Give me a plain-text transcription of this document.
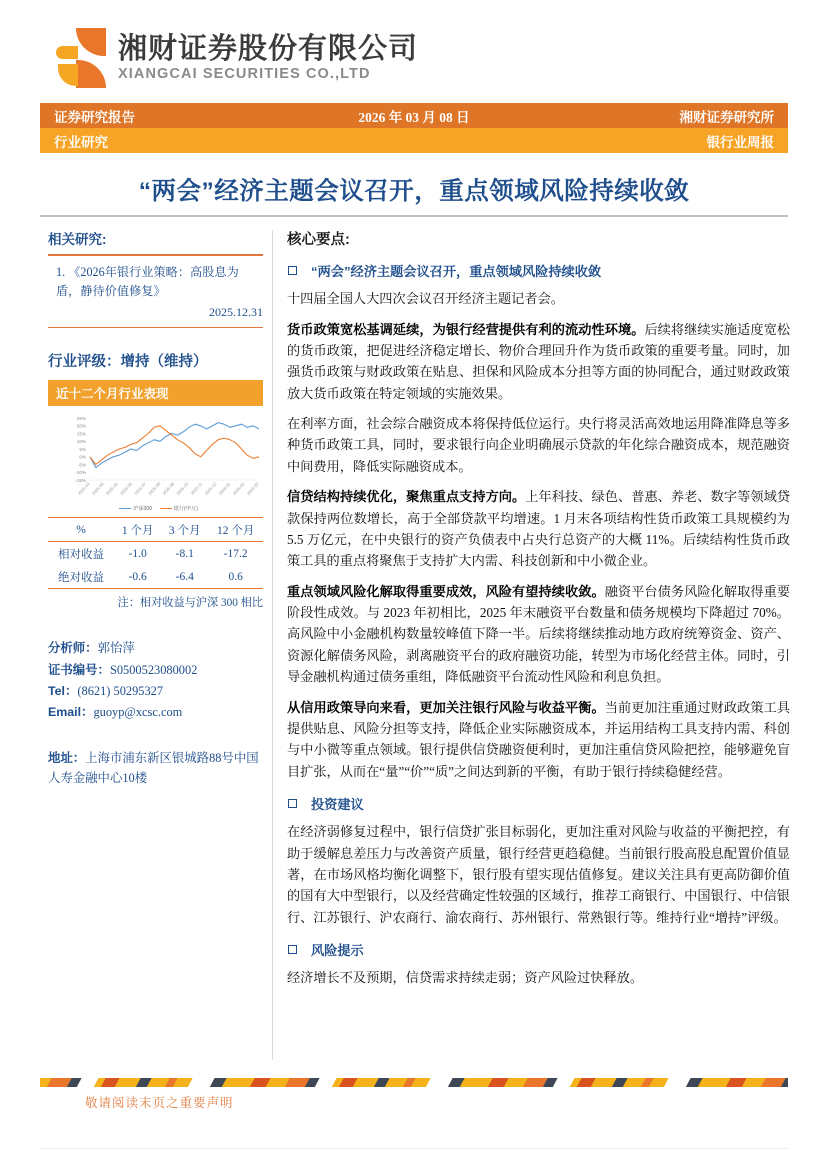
湘财证券股份有限公司
XIANGCAI SECURITIES CO.,LTD
证券研究报告	2026 年 03 月 08 日	湘财证券研究所
行业研究	银行业周报
“两会”经济主题会议召开，重点领域风险持续收敛
相关研究:
1. 《2026年银行业策略：高股息为盾，静待价值修复》
2025.12.31
行业评级：增持（维持）
近十二个月行业表现
25%
20%
15%
10%
5%
0%
-5%
-10%
-15%
2025-03 2025-04 2025-05 2025-06 2025-07 2025-08 2025-09 2025-10 2025-11 2025-12 2026-01 2026-02 2026-03
沪深300	银行(申万)
%	1 个月	3 个月	12 个月
相对收益	-1.0	-8.1	-17.2
绝对收益	-0.6	-6.4	0.6
注：相对收益与沪深 300 相比
分析师：郭怡萍
证书编号：S0500523080002
Tel：(8621) 50295327
Email：guoyp@xcsc.com
地址：上海市浦东新区银城路88号中国人寿金融中心10楼
核心要点:
“两会”经济主题会议召开，重点领域风险持续收敛

十四届全国人大四次会议召开经济主题记者会。

货币政策宽松基调延续，为银行经营提供有利的流动性环境。后续将继续实施适度宽松的货币政策，把促进经济稳定增长、物价合理回升作为货币政策的重要考量。同时，加强货币政策与财政政策在贴息、担保和风险成本分担等方面的协同配合，通过财政政策放大货币政策在特定领域的实施效果。

在利率方面，社会综合融资成本将保持低位运行。央行将灵活高效地运用降准降息等多种货币政策工具，同时，要求银行向企业明确展示贷款的年化综合融资成本，规范融资中间费用，降低实际融资成本。

信贷结构持续优化，聚焦重点支持方向。上年科技、绿色、普惠、养老、数字等领域贷款保持两位数增长，高于全部贷款平均增速。1 月末各项结构性货币政策工具规模约为 5.5 万亿元，在中央银行的资产负债表中占央行总资产的大概 11%。后续结构性货币政策工具的重点将聚焦于支持扩大内需、科技创新和中小微企业。

重点领域风险化解取得重要成效，风险有望持续收敛。融资平台债务风险化解取得重要阶段性成效。与 2023 年初相比，2025 年末融资平台数量和债务规模均下降超过 70%。高风险中小金融机构数量较峰值下降一半。后续将继续推动地方政府统筹资金、资产、资源化解债务风险，剥离融资平台的政府融资功能，转型为市场化经营主体。同时，引导金融机构通过债务重组，降低融资平台流动性风险和利息负担。

从信用政策导向来看，更加关注银行风险与收益平衡。当前更加注重通过财政政策工具提供贴息、风险分担等支持，降低企业实际融资成本，并运用结构工具支持内需、科创与中小微等重点领域。银行提供信贷融资便利时，更加注重信贷风险把控，能够避免盲目扩张，从而在“量”“价”“质”之间达到新的平衡，有助于银行持续稳健经营。

投资建议

在经济弱修复过程中，银行信贷扩张目标弱化，更加注重对风险与收益的平衡把控，有助于缓解息差压力与改善资产质量，银行经营更趋稳健。当前银行股高股息配置价值显著，在市场风格均衡化调整下，银行股有望实现估值修复。建议关注具有更高防御价值的国有大中型银行，以及经营确定性较强的区域行，推荐工商银行、中国银行、中信银行、江苏银行、沪农商行、渝农商行、苏州银行、常熟银行等。维持行业“增持”评级。

风险提示

经济增长不及预期，信贷需求持续走弱；资产风险过快释放。

敬请阅读末页之重要声明
